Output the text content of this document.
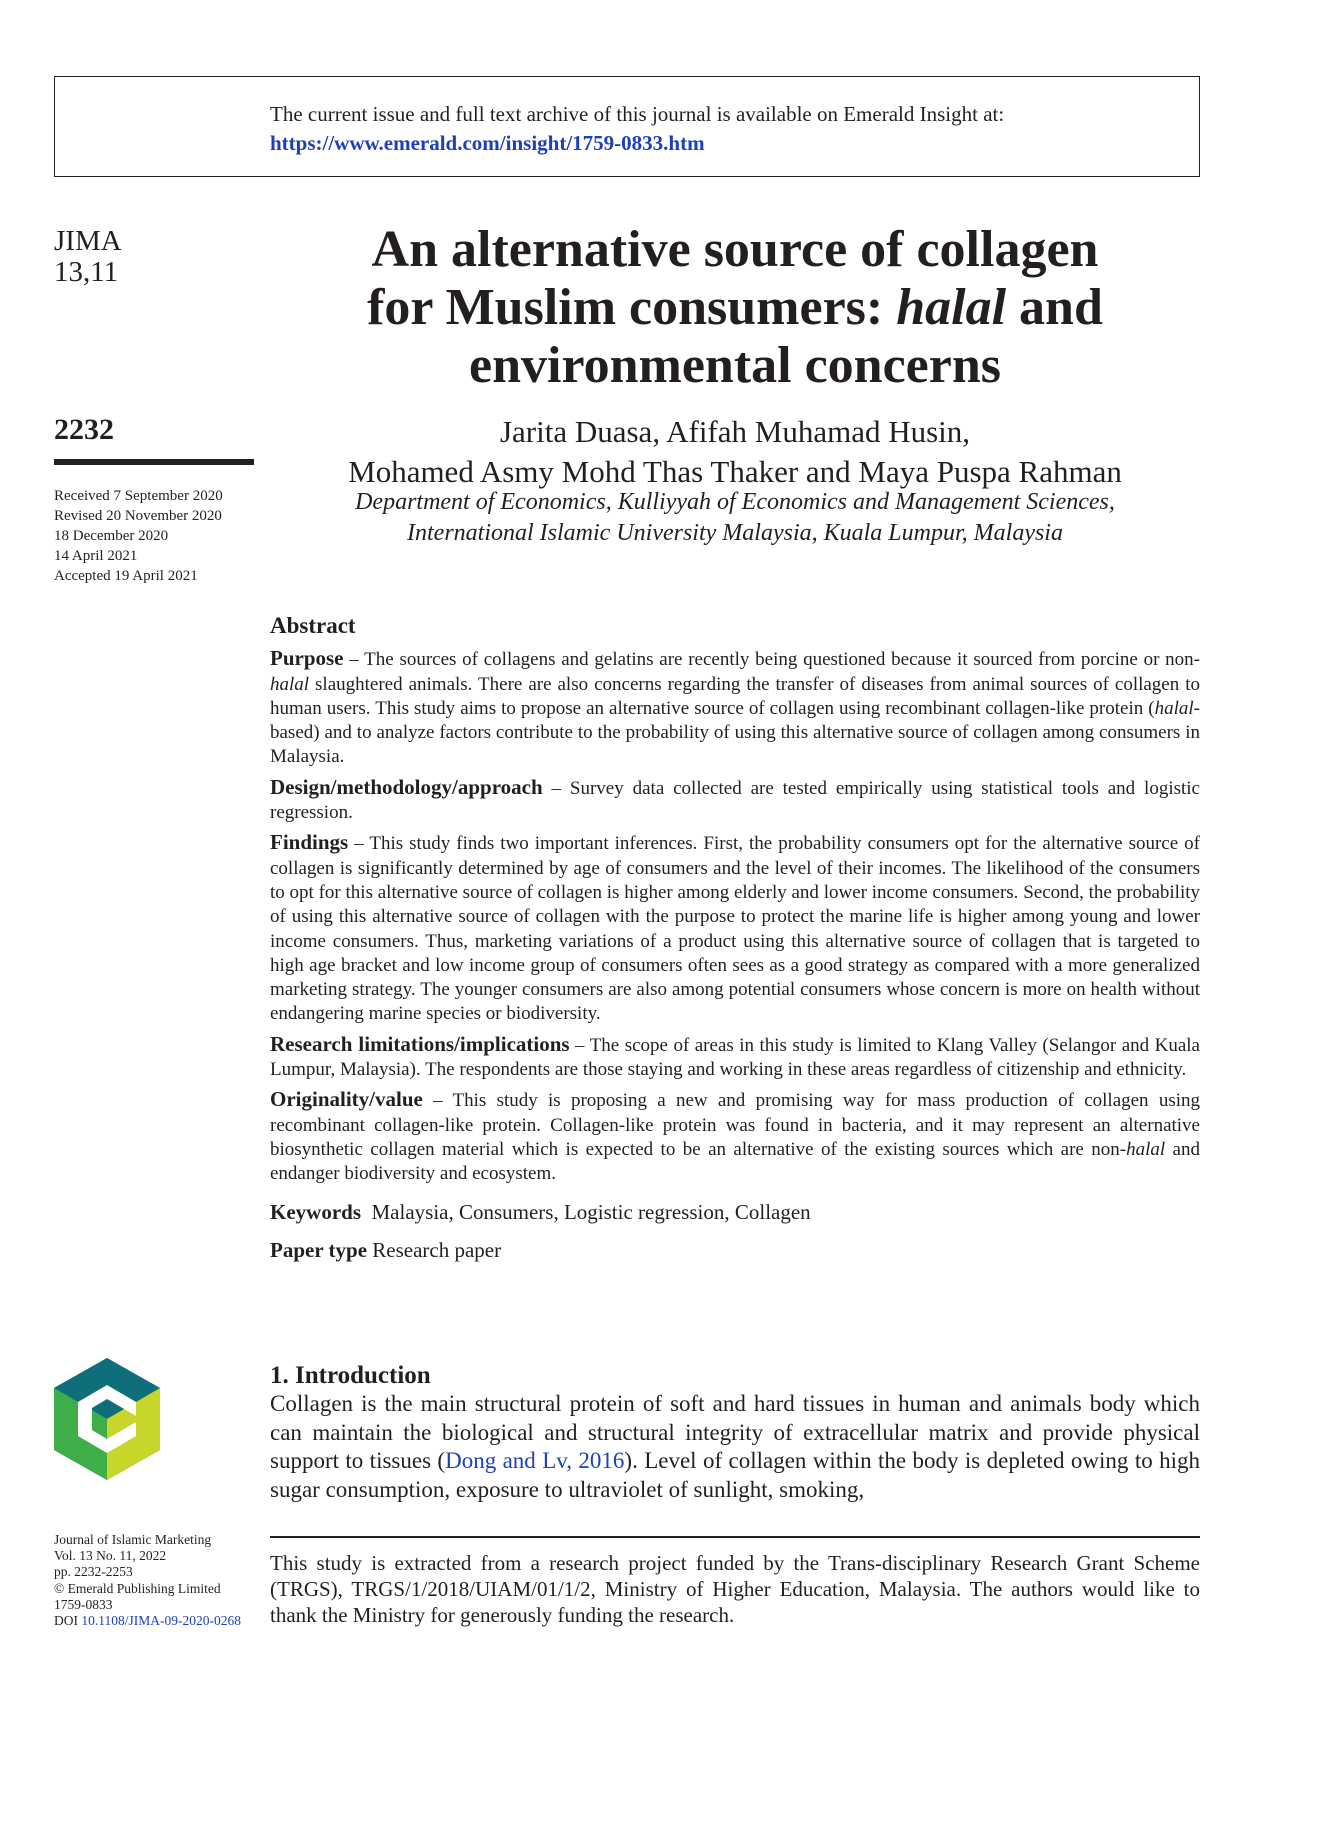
The current issue and full text archive of this journal is available on Emerald Insight at:
https://www.emerald.com/insight/1759-0833.htm
JIMA
13,11
2232
Received 7 September 2020
Revised 20 November 2020
18 December 2020
14 April 2021
Accepted 19 April 2021
An alternative source of collagen
for Muslim consumers: halal and
environmental concerns
Jarita Duasa, Afifah Muhamad Husin,
Mohamed Asmy Mohd Thas Thaker and Maya Puspa Rahman
Department of Economics, Kulliyyah of Economics and Management Sciences,
International Islamic University Malaysia, Kuala Lumpur, Malaysia
Abstract

Purpose – The sources of collagens and gelatins are recently being questioned because it sourced from porcine or non-halal slaughtered animals. There are also concerns regarding the transfer of diseases from animal sources of collagen to human users. This study aims to propose an alternative source of collagen using recombinant collagen-like protein (halal-based) and to analyze factors contribute to the probability of using this alternative source of collagen among consumers in Malaysia.

Design/methodology/approach – Survey data collected are tested empirically using statistical tools and logistic regression.

Findings – This study finds two important inferences. First, the probability consumers opt for the alternative source of collagen is significantly determined by age of consumers and the level of their incomes. The likelihood of the consumers to opt for this alternative source of collagen is higher among elderly and lower income consumers. Second, the probability of using this alternative source of collagen with the purpose to protect the marine life is higher among young and lower income consumers. Thus, marketing variations of a product using this alternative source of collagen that is targeted to high age bracket and low income group of consumers often sees as a good strategy as compared with a more generalized marketing strategy. The younger consumers are also among potential consumers whose concern is more on health without endangering marine species or biodiversity.

Research limitations/implications – The scope of areas in this study is limited to Klang Valley (Selangor and Kuala Lumpur, Malaysia). The respondents are those staying and working in these areas regardless of citizenship and ethnicity.

Originality/value – This study is proposing a new and promising way for mass production of collagen using recombinant collagen-like protein. Collagen-like protein was found in bacteria, and it may represent an alternative biosynthetic collagen material which is expected to be an alternative of the existing sources which are non-halal and endanger biodiversity and ecosystem.

Keywords Malaysia, Consumers, Logistic regression, Collagen

Paper type Research paper

1. Introduction
Collagen is the main structural protein of soft and hard tissues in human and animals body which can maintain the biological and structural integrity of extracellular matrix and provide physical support to tissues (Dong and Lv, 2016). Level of collagen within the body is depleted owing to high sugar consumption, exposure to ultraviolet of sunlight, smoking,
Journal of Islamic Marketing
Vol. 13 No. 11, 2022
pp. 2232-2253
© Emerald Publishing Limited
1759-0833
DOI 10.1108/JIMA-09-2020-0268
This study is extracted from a research project funded by the Trans-disciplinary Research Grant Scheme (TRGS), TRGS/1/2018/UIAM/01/1/2, Ministry of Higher Education, Malaysia. The authors would like to thank the Ministry for generously funding the research.
